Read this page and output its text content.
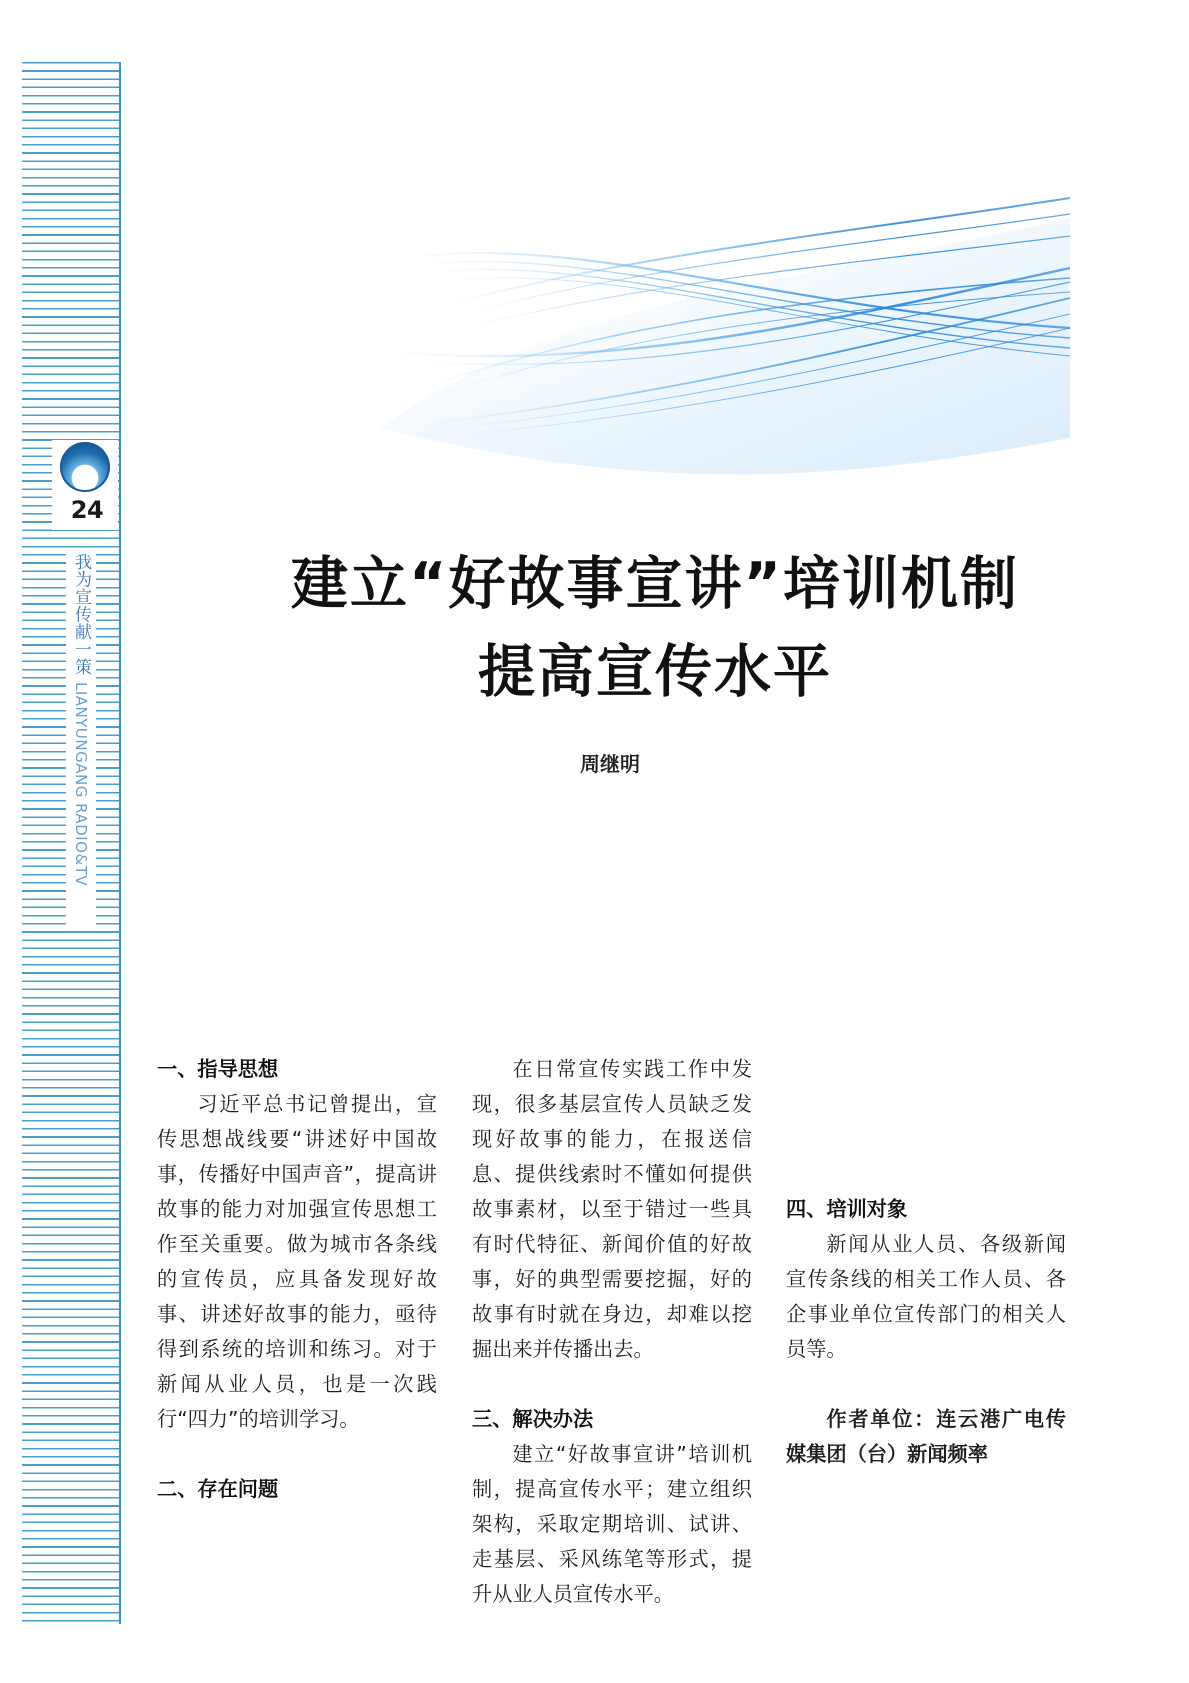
24
我为宣传献一策LIANYUNGANG RADIO&TV
建立“好故事宣讲”培训机制
提高宣传水平
周继明
一、指导思想

习近平总书记曾提出，宣传思想战线要“讲述好中国故事，传播好中国声音”，提高讲故事的能力对加强宣传思想工作至关重要。做为城市各条线的宣传员，应具备发现好故事、讲述好故事的能力，亟待得到系统的培训和练习。对于新闻从业人员，也是一次践行“四力”的培训学习。

二、存在问题

在日常宣传实践工作中发现，很多基层宣传人员缺乏发现好故事的能力，在报送信息、提供线索时不懂如何提供故事素材，以至于错过一些具有时代特征、新闻价值的好故事，好的典型需要挖掘，好的故事有时就在身边，却难以挖掘出来并传播出去。

三、解决办法

建立“好故事宣讲”培训机制，提高宣传水平；建立组织架构，采取定期培训、试讲、走基层、采风练笔等形式，提升从业人员宣传水平。

四、培训对象

新闻从业人员、各级新闻宣传条线的相关工作人员、各企事业单位宣传部门的相关人员等。

作者单位：连云港广电传媒集团（台）新闻频率
